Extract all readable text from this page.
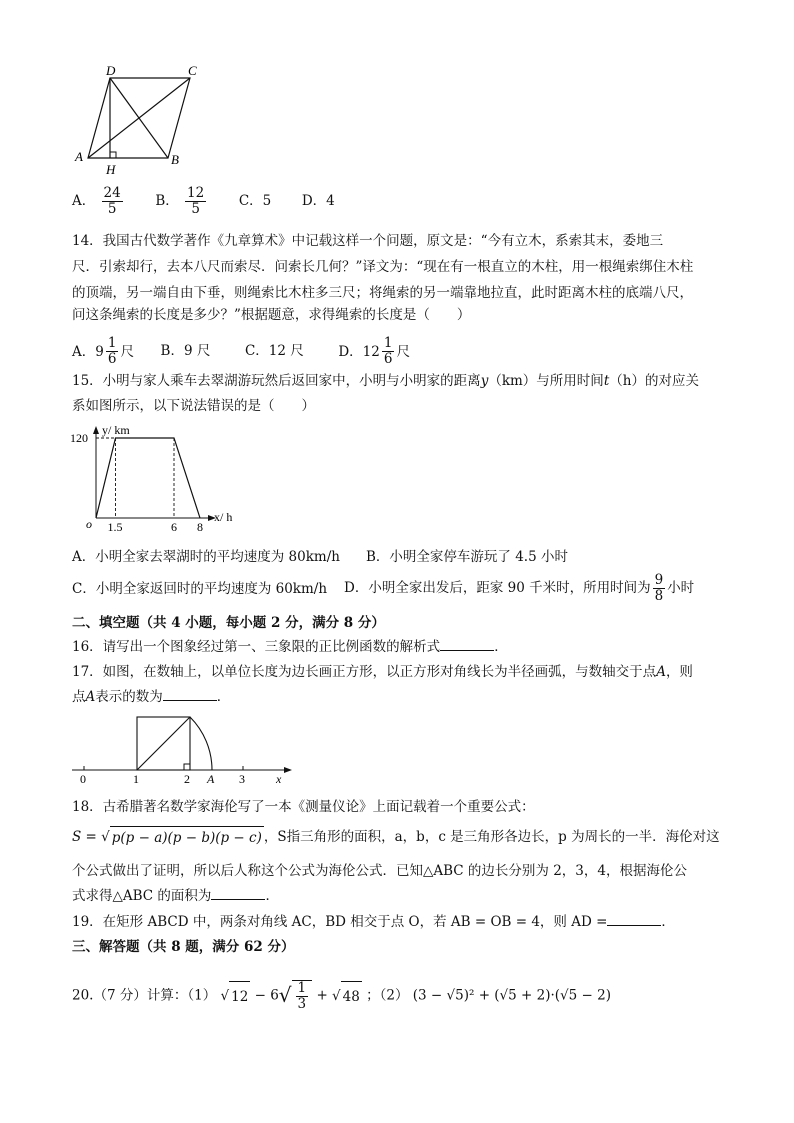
D	C
A	B
H
A． $\frac{24}{5}$ B． $\frac{12}{5}$ C．5 D．4
14．我国古代数学著作《九章算术》中记载这样一个问题，原文是：“今有立木，系索其末，委地三
尺．引索却行，去本八尺而索尽．问索长几何？”译文为：“现在有一根直立的木柱，用一根绳索绑住木柱
的顶端，另一端自由下垂，则绳索比木柱多三尺；将绳索的另一端靠地拉直，此时距离木柱的底端八尺，
问这条绳索的长度是多少？”根据题意，求得绳索的长度是（　　）
A．$9 \frac{1}{6}$ 尺 B．9 尺	C．12 尺	D．$12 \frac{1}{6}$ 尺
15．小明与家人乘车去翠湖游玩然后返回家中，小明与小明家的距离y（km）与所用时间t（h）的对应关
系如图所示，以下说法错误的是（　　）
y/ km
x/ h
o 1.5	6 8
120
A．小明全家去翠湖时的平均速度为 80km/h B．小明全家停车游玩了 4.5 小时
C．小明全家返回时的平均速度为 60km/h D．小明全家出发后，距家 90 千米时，所用时间为 $\frac{9}{8}$ 小时
二、填空题（共 4 小题，每小题 2 分，满分 8 分）
16．请写出一个图象经过第一、三象限的正比例函数的解析式	．
17．如图，在数轴上，以单位长度为边长画正方形，以正方形对角线长为半径画弧，与数轴交于点A，则
点A表示的数为	．
0	1	2 A 3	x
18．古希腊著名数学家海伦写了一本《测量仪论》上面记载着一个重要公式：
S = √ p(p − a)(p − b)(p − c) ，S指三角形的面积，a，b，c 是三角形各边长，p 为周长的一半．海伦对这
个公式做出了证明，所以后人称这个公式为海伦公式．已知△ABC 的边长分别为 2，3，4，根据海伦公
式求得△ABC 的面积为	．
19．在矩形 ABCD 中，两条对角线 AC，BD 相交于点 O，若 AB = OB = 4，则 AD =	．
三、解答题（共 8 题，满分 62 分）
20.（7 分）计算：（1） √ 12 − 6 √ $\frac{1}{3}$ + √ 48 ；（2） (3 − √5)² + (√5 + 2)·(√5 − 2)
